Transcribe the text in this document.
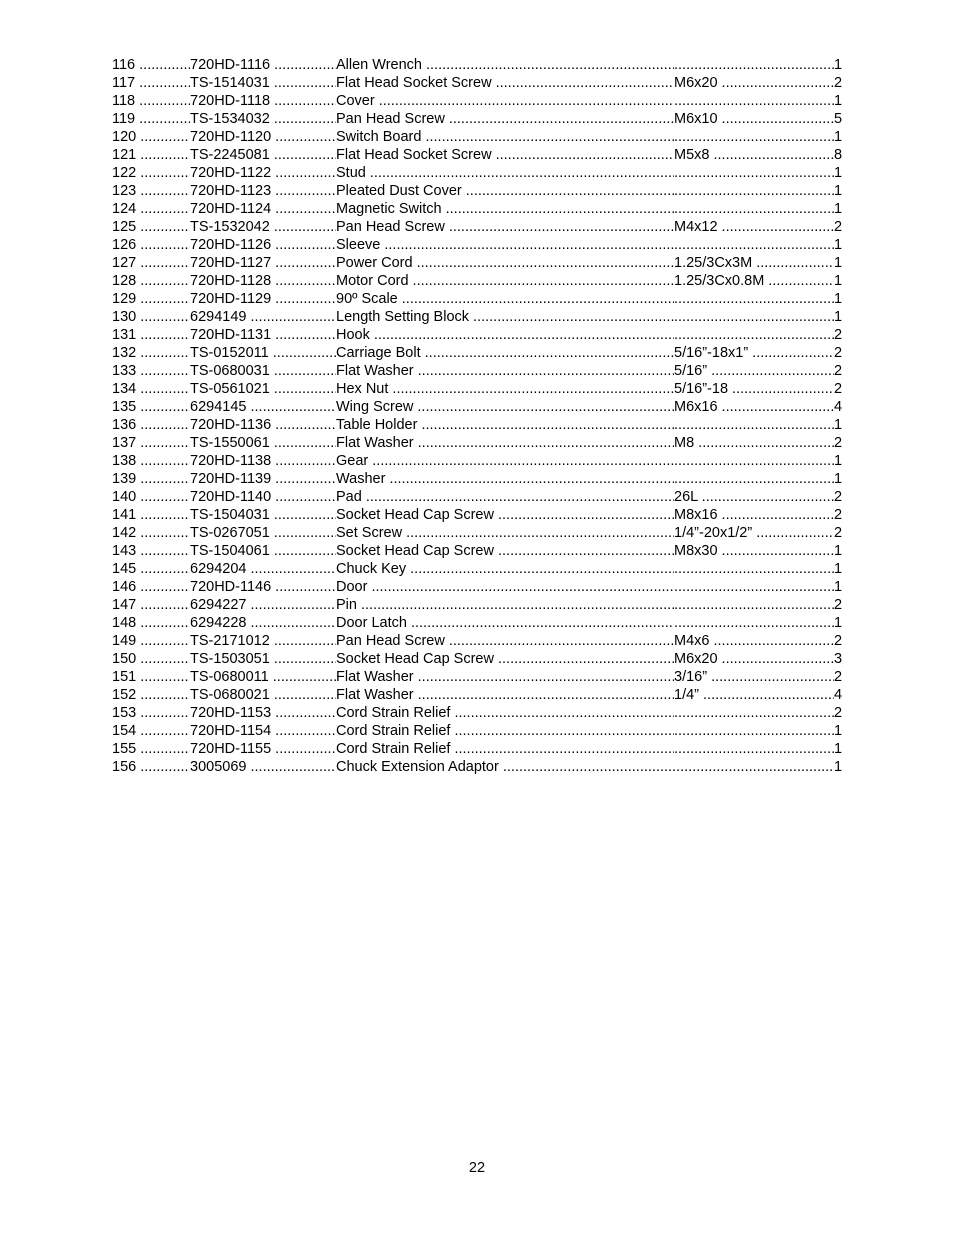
116 .....	720HD-1116 .....	Allen Wrench ..... .....	1
117 .....	TS-1514031 .....	Flat Head Socket Screw .....	M6x20 .....	2
118 .....	720HD-1118 .....	Cover ..... .....	1
119 .....	TS-1534032 .....	Pan Head Screw .....	M6x10 .....	5
120 .....	720HD-1120 .....	Switch Board ..... .....	1
121 .....	TS-2245081 .....	Flat Head Socket Screw .....	M5x8 .....	8
122 .....	720HD-1122 .....	Stud ..... .....	1
123 .....	720HD-1123 .....	Pleated Dust Cover ..... .....	1
124 .....	720HD-1124 .....	Magnetic Switch ..... .....	1
125 .....	TS-1532042 .....	Pan Head Screw .....	M4x12 .....	2
126 .....	720HD-1126 .....	Sleeve ..... .....	1
127 .....	720HD-1127 .....	Power Cord .....	1.25/3Cx3M .....	1
128 .....	720HD-1128 .....	Motor Cord .....	1.25/3Cx0.8M .....	1
129 .....	720HD-1129 .....	90º Scale ..... .....	1
130 .....	6294149 .....	Length Setting Block ..... .....	1
131 .....	720HD-1131 .....	Hook ..... .....	2
132 .....	TS-0152011 .....	Carriage Bolt .....	5/16”-18x1” .....	2
133 .....	TS-0680031 .....	Flat Washer .....	5/16” .....	2
134 .....	TS-0561021 .....	Hex Nut .....	5/16”-18 .....	2
135 .....	6294145 .....	Wing Screw .....	M6x16 .....	4
136 .....	720HD-1136 .....	Table Holder ..... .....	1
137 .....	TS-1550061 .....	Flat Washer .....	M8 .....	2
138 .....	720HD-1138 .....	Gear ..... .....	1
139 .....	720HD-1139 .....	Washer ..... .....	1
140 .....	720HD-1140 .....	Pad .....	26L .....	2
141 .....	TS-1504031 .....	Socket Head Cap Screw .....	M8x16 .....	2
142 .....	TS-0267051 .....	Set Screw .....	1/4”-20x1/2” .....	2
143 .....	TS-1504061 .....	Socket Head Cap Screw .....	M8x30 .....	1
145 .....	6294204 .....	Chuck Key ..... .....	1
146 .....	720HD-1146 .....	Door ..... .....	1
147 .....	6294227 .....	Pin ..... .....	2
148 .....	6294228 .....	Door Latch ..... .....	1
149 .....	TS-2171012 .....	Pan Head Screw .....	M4x6 .....	2
150 .....	TS-1503051 .....	Socket Head Cap Screw .....	M6x20 .....	3
151 .....	TS-0680011 .....	Flat Washer .....	3/16” .....	2
152 .....	TS-0680021 .....	Flat Washer .....	1/4” .....	4
153 .....	720HD-1153 .....	Cord Strain Relief ..... .....	2
154 .....	720HD-1154 .....	Cord Strain Relief ..... .....	1
155 .....	720HD-1155 .....	Cord Strain Relief ..... .....	1
156 .....	3005069 .....	Chuck Extension Adaptor .....	1
22
